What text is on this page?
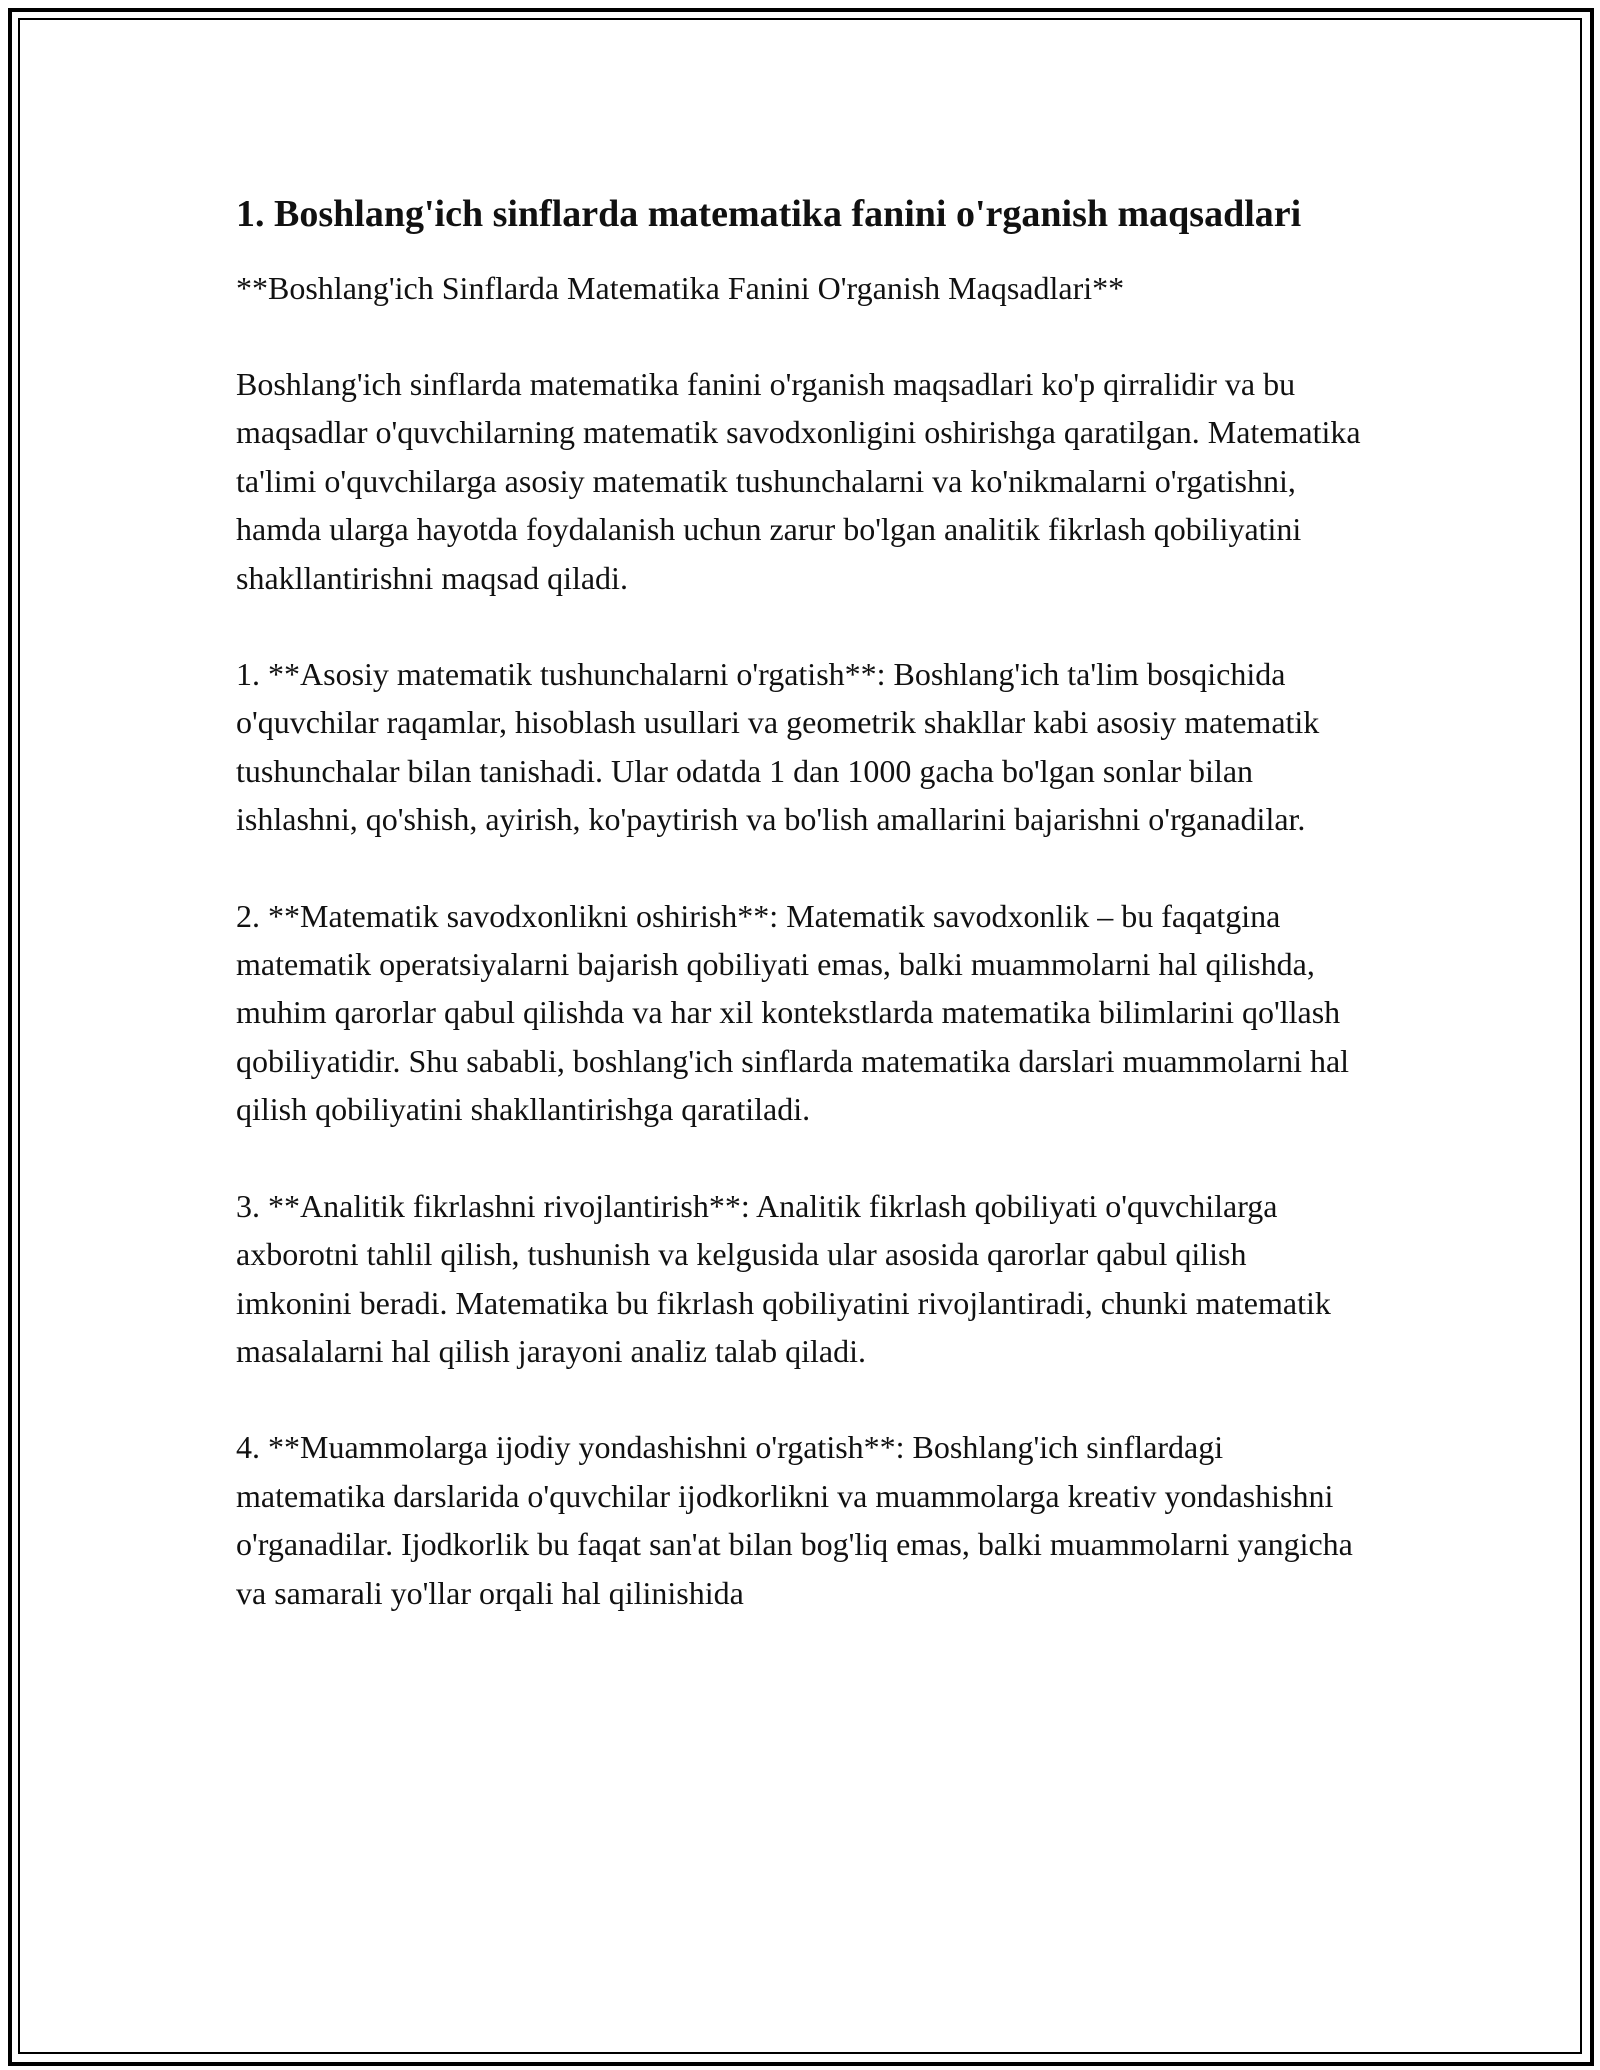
1. Boshlang'ich sinflarda matematika fanini o'rganish maqsadlari

**Boshlang'ich Sinflarda Matematika Fanini O'rganish Maqsadlari**

Boshlang'ich sinflarda matematika fanini o'rganish maqsadlari ko'p qirralidir va bu maqsadlar o'quvchilarning matematik savodxonligini oshirishga qaratilgan. Matematika ta'limi o'quvchilarga asosiy matematik tushunchalarni va ko'nikmalarni o'rgatishni, hamda ularga hayotda foydalanish uchun zarur bo'lgan analitik fikrlash qobiliyatini shakllantirishni maqsad qiladi.

1. **Asosiy matematik tushunchalarni o'rgatish**: Boshlang'ich ta'lim bosqichida o'quvchilar raqamlar, hisoblash usullari va geometrik shakllar kabi asosiy matematik tushunchalar bilan tanishadi. Ular odatda 1 dan 1000 gacha bo'lgan sonlar bilan ishlashni, qo'shish, ayirish, ko'paytirish va bo'lish amallarini bajarishni o'rganadilar.

2. **Matematik savodxonlikni oshirish**: Matematik savodxonlik – bu faqatgina matematik operatsiyalarni bajarish qobiliyati emas, balki muammolarni hal qilishda, muhim qarorlar qabul qilishda va har xil kontekstlarda matematika bilimlarini qo'llash qobiliyatidir. Shu sababli, boshlang'ich sinflarda matematika darslari muammolarni hal qilish qobiliyatini shakllantirishga qaratiladi.

3. **Analitik fikrlashni rivojlantirish**: Analitik fikrlash qobiliyati o'quvchilarga axborotni tahlil qilish, tushunish va kelgusida ular asosida qarorlar qabul qilish imkonini beradi. Matematika bu fikrlash qobiliyatini rivojlantiradi, chunki matematik masalalarni hal qilish jarayoni analiz talab qiladi.

4. **Muammolarga ijodiy yondashishni o'rgatish**: Boshlang'ich sinflardagi matematika darslarida o'quvchilar ijodkorlikni va muammolarga kreativ yondashishni o'rganadilar. Ijodkorlik bu faqat san'at bilan bog'liq emas, balki muammolarni yangicha va samarali yo'llar orqali hal qilinishida
